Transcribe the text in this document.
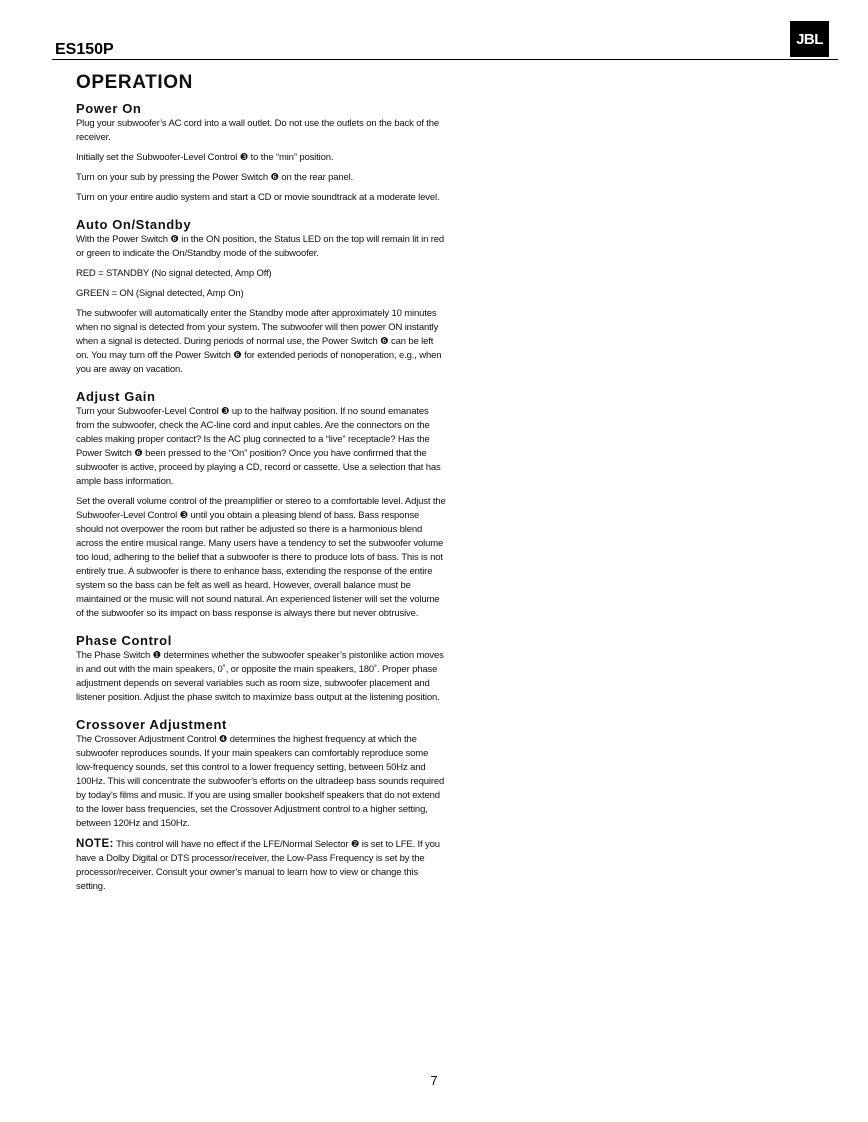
ES150P
JBL
OPERATION
Power On

Plug your subwoofer’s AC cord into a wall outlet. Do not use the outlets on the back of the receiver.

Initially set the Subwoofer-Level Control ❸ to the “min” position.

Turn on your sub by pressing the Power Switch ❻ on the rear panel.

Turn on your entire audio system and start a CD or movie soundtrack at a moderate level.

Auto On/Standby

With the Power Switch ❻ in the ON position, the Status LED on the top will remain lit in red or green to indicate the On/Standby mode of the subwoofer.

RED = STANDBY (No signal detected, Amp Off)

GREEN = ON (Signal detected, Amp On)

The subwoofer will automatically enter the Standby mode after approximately 10 minutes when no signal is detected from your system. The subwoofer will then power ON instantly when a signal is detected. During periods of normal use, the Power Switch ❻ can be left on. You may turn off the Power Switch ❻ for extended periods of nonoperation, e.g., when you are away on vacation.

Adjust Gain

Turn your Subwoofer-Level Control ❸ up to the halfway position. If no sound emanates from the subwoofer, check the AC-line cord and input cables. Are the connectors on the cables making proper contact? Is the AC plug connected to a “live” receptacle? Has the Power Switch ❻ been pressed to the “On” position? Once you have confirmed that the subwoofer is active, proceed by playing a CD, record or cassette. Use a selection that has ample bass information.

Set the overall volume control of the preamplifier or stereo to a comfortable level. Adjust the Subwoofer-Level Control ❸ until you obtain a pleasing blend of bass. Bass response should not overpower the room but rather be adjusted so there is a harmonious blend across the entire musical range. Many users have a tendency to set the subwoofer volume too loud, adhering to the belief that a subwoofer is there to produce lots of bass. This is not entirely true. A subwoofer is there to enhance bass, extending the response of the entire system so the bass can be felt as well as heard. However, overall balance must be maintained or the music will not sound natural. An experienced listener will set the volume of the subwoofer so its impact on bass response is always there but never obtrusive.

Phase Control

The Phase Switch ❶ determines whether the subwoofer speaker’s pistonlike action moves in and out with the main speakers, 0˚, or opposite the main speakers, 180˚. Proper phase adjustment depends on several variables such as room size, subwoofer placement and listener position. Adjust the phase switch to maximize bass output at the listening position.

Crossover Adjustment

The Crossover Adjustment Control ❹ determines the highest frequency at which the subwoofer reproduces sounds. If your main speakers can comfortably reproduce some low-frequency sounds, set this control to a lower frequency setting, between 50Hz and 100Hz. This will concentrate the subwoofer’s efforts on the ultradeep bass sounds required by today’s films and music. If you are using smaller bookshelf speakers that do not extend to the lower bass frequencies, set the Crossover Adjustment control to a higher setting, between 120Hz and 150Hz.

NOTE: This control will have no effect if the LFE/Normal Selector ❷ is set to LFE. If you have a Dolby Digital or DTS processor/receiver, the Low-Pass Frequency is set by the processor/receiver. Consult your owner’s manual to learn how to view or change this setting.

7
